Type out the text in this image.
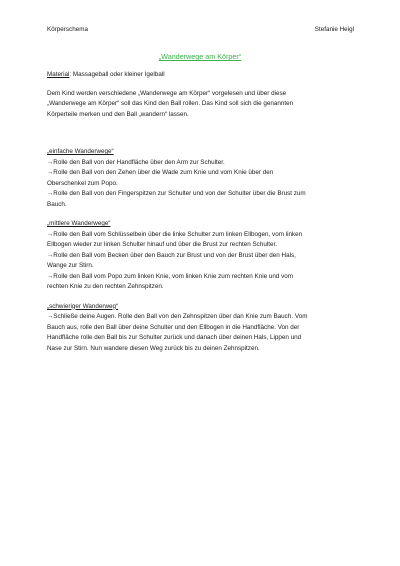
Körperschema	Stefanie Heigl
„Wanderwege am Körper“

Material: Massageball oder kleiner Igelball

Dem Kind werden verschiedene „Wanderwege am Körper“ vorgelesen und über diese

„Wanderwege am Körper“ soll das Kind den Ball rollen. Das Kind soll sich die genannten

Körperteile merken und den Ball „wandern“ lassen.

„einfache Wanderwege“

→Rolle den Ball von der Handfläche über den Arm zur Schulter.

→Rolle den Ball von den Zehen über die Wade zum Knie und vom Knie über den

Oberschenkel zum Popo.

→Rolle den Ball von den Fingerspitzen zur Schulter und von der Schulter über die Brust zum

Bauch.

„mittlere Wanderwege“

→Rolle den Ball vom Schlüsselbein über die linke Schulter zum linken Ellbogen, vom linken

Ellbogen wieder zur linken Schulter hinauf und über die Brust zur rechten Schulter.

→Rolle den Ball vom Becken über den Bauch zur Brust und von der Brust über den Hals,

Wange zur Stirn.

→Rolle den Ball vom Popo zum linken Knie, vom linken Knie zum rechten Knie und vom

rechten Knie zu den rechten Zehnspitzen.

„schwieriger Wanderweg“

→Schließe deine Augen. Rolle den Ball von den Zehnspitzen über dan Knie zum Bauch. Vom

Bauch aus, rolle den Ball über deine Schulter und den Ellbogen in die Handfläche. Von der

Handfläche rolle den Ball bis zur Schulter zurück und danach über deinen Hals, Lippen und

Nase zur Stirn. Nun wandere diesen Weg zurück bis zu deinen Zehnspitzen.
